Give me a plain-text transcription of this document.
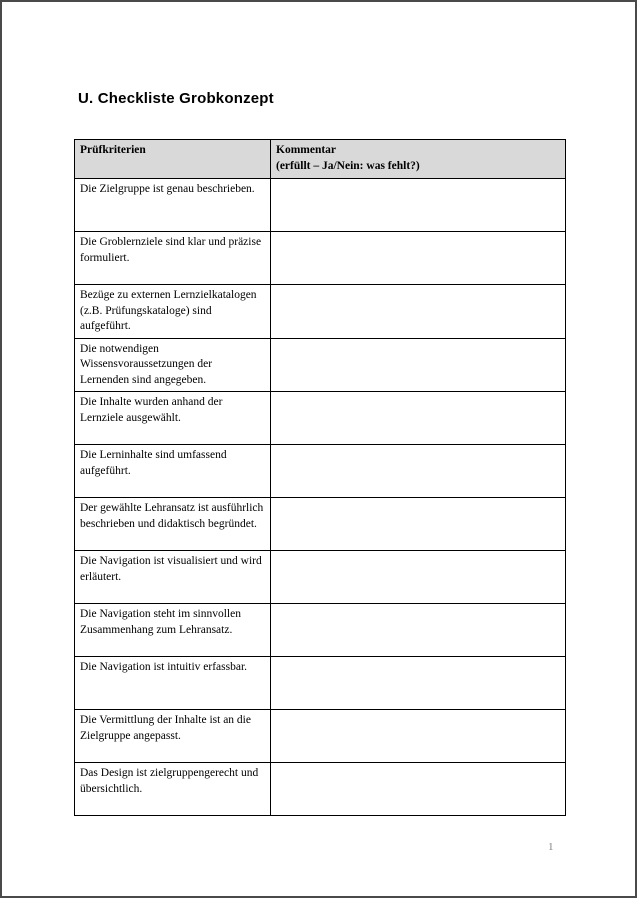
U. Checkliste Grobkonzept
Prüfkriterien	Kommentar
(erfüllt – Ja/Nein: was fehlt?)

Die Zielgruppe ist genau beschrieben.	
Die Groblernziele sind klar und präzise formuliert.	
Bezüge zu externen Lernzielkatalogen (z.B. Prüfungskataloge) sind aufgeführt.	
Die notwendigen Wissensvoraussetzungen der Lernenden sind angegeben.	
Die Inhalte wurden anhand der Lernziele ausgewählt.	
Die Lerninhalte sind umfassend aufgeführt.	
Der gewählte Lehransatz ist ausführlich beschrieben und didaktisch begründet.	
Die Navigation ist visualisiert und wird erläutert.	
Die Navigation steht im sinnvollen Zusammenhang zum Lehransatz.	
Die Navigation ist intuitiv erfassbar.	
Die Vermittlung der Inhalte ist an die Zielgruppe angepasst.	
Das Design ist zielgruppengerecht und übersichtlich.	
1
